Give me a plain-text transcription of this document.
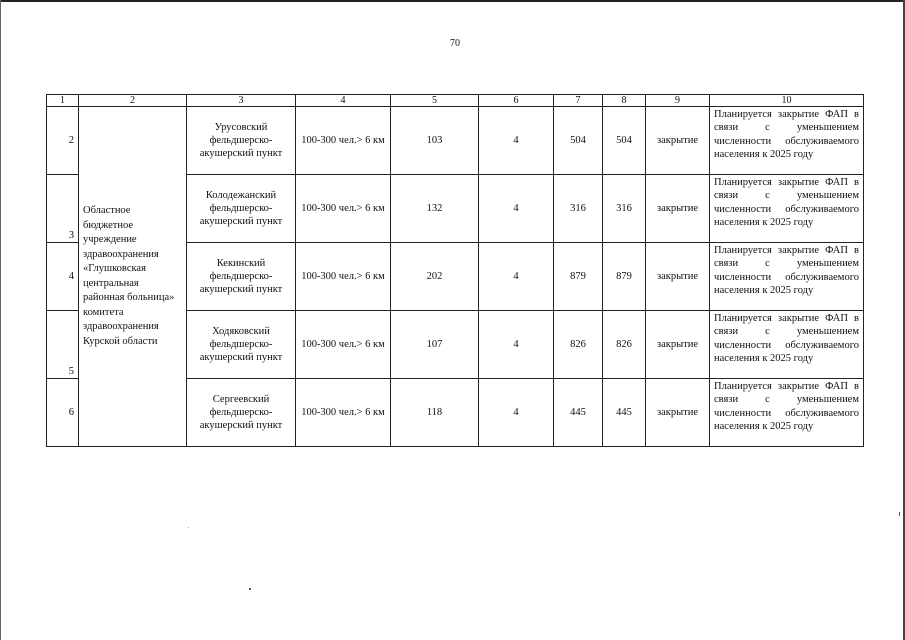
70
1	2	3	4	5	6	7	8	9	10
2	Областное бюджетное учреждение здравоохранения «Глушковская центральная районная больница» комитета здравоохранения Курской области	Урусовский фельдшерско-акушерский пункт	100-300 чел.> 6 км	103	4	504	504	закрытие	Планируется закрытие ФАП в связи с уменьшением численности обслуживаемого населения к 2025 году
3		Колодежанский фельдшерско-акушерский пункт	100-300 чел.> 6 км	132	4	316	316	закрытие	Планируется закрытие ФАП в связи с уменьшением численности обслуживаемого населения к 2025 году
4		Кекинский фельдшерско-акушерский пункт	100-300 чел.> 6 км	202	4	879	879	закрытие	Планируется закрытие ФАП в связи с уменьшением численности обслуживаемого населения к 2025 году
5		Ходяковский фельдшерско-акушерский пункт	100-300 чел.> 6 км	107	4	826	826	закрытие	Планируется закрытие ФАП в связи с уменьшением численности обслуживаемого населения к 2025 году
6		Сергеевский фельдшерско-акушерский пункт	100-300 чел.> 6 км	118	4	445	445	закрытие	Планируется закрытие ФАП в связи с уменьшением численности обслуживаемого населения к 2025 году
